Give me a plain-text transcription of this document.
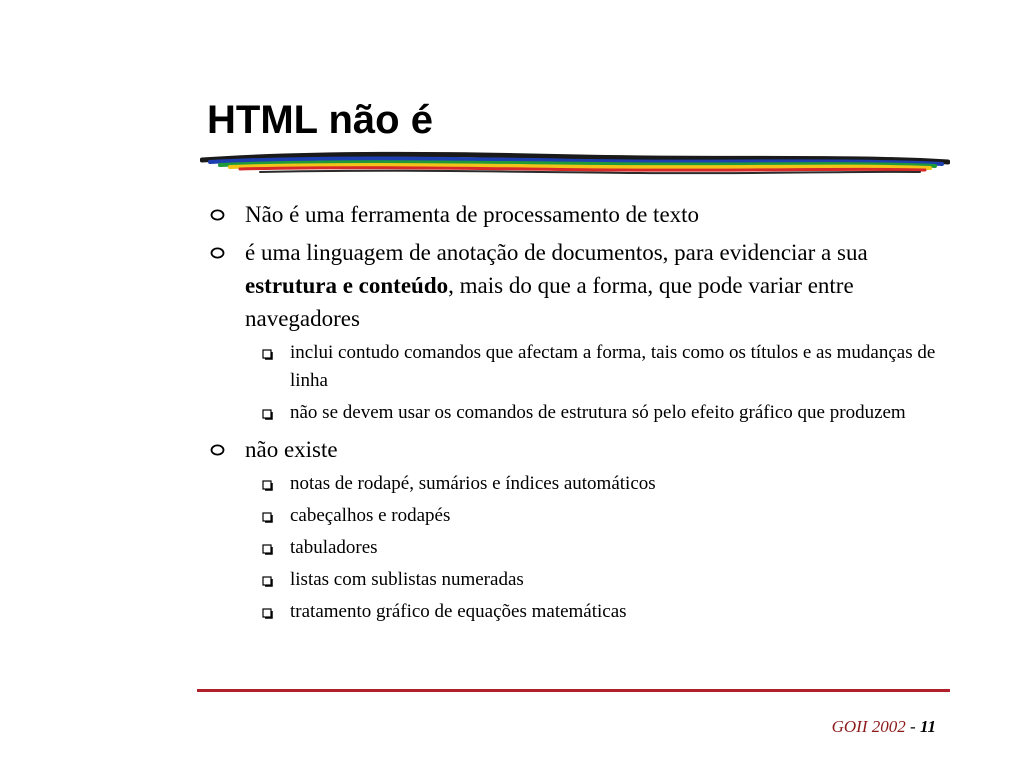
HTML não é
Não é uma ferramenta de processamento de texto
é uma linguagem de anotação de documentos, para evidenciar a sua estrutura e conteúdo, mais do que a forma, que pode variar entre navegadores
inclui contudo comandos que afectam a forma, tais como os títulos e as mudanças de linha
não se devem usar os comandos de estrutura só pelo efeito gráfico que produzem
não existe
notas de rodapé, sumários e índices automáticos
cabeçalhos e rodapés
tabuladores
listas com sublistas numeradas
tratamento gráfico de equações matemáticas
GOII 2002 - 11
